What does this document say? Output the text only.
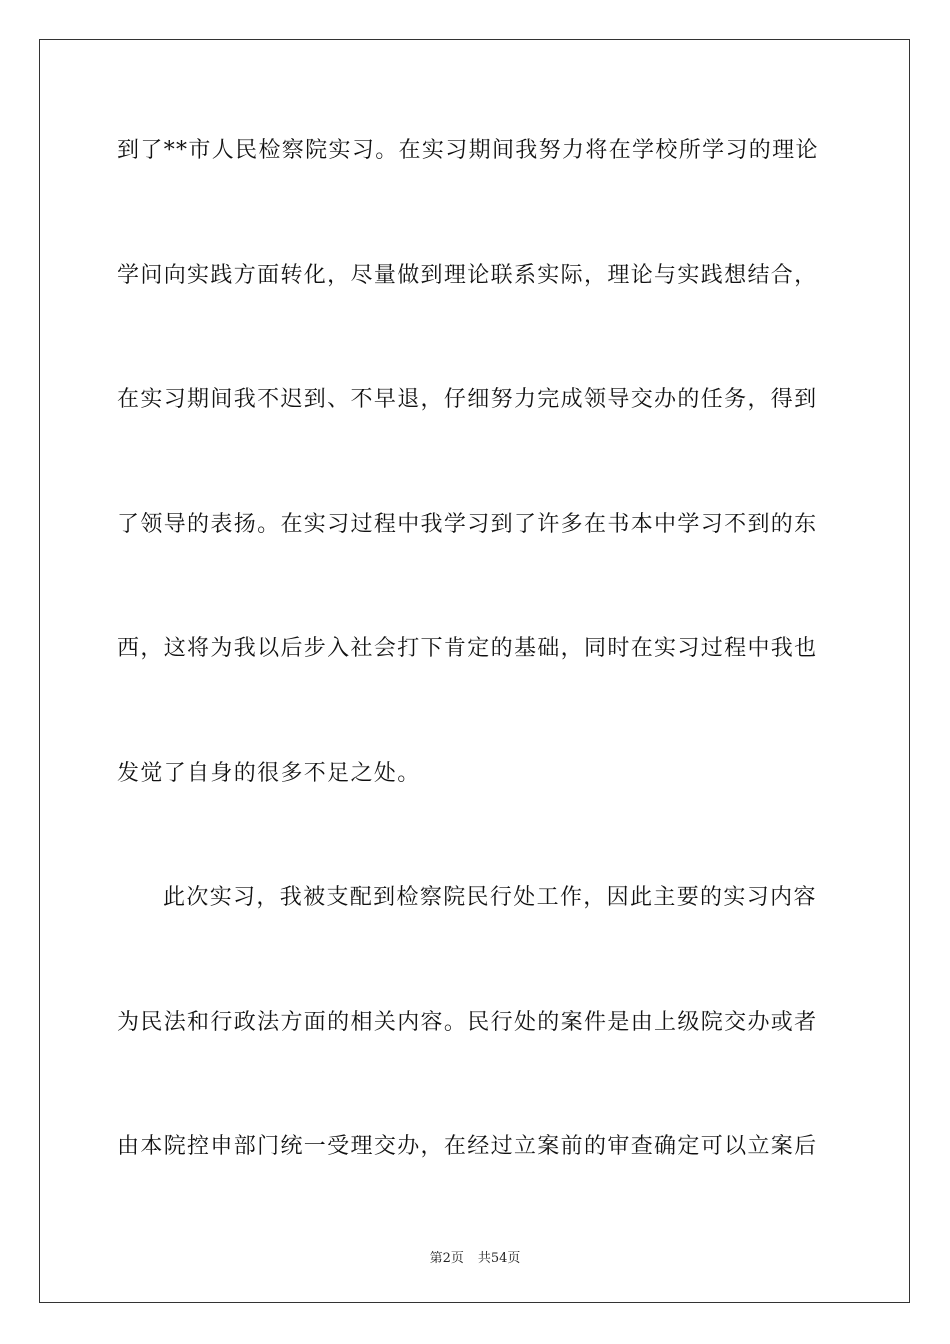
到了**市人民检察院实习。在实习期间我努力将在学校所学习的理论
学问向实践方面转化，尽量做到理论联系实际，理论与实践想结合，
在实习期间我不迟到、不早退，仔细努力完成领导交办的任务，得到
了领导的表扬。在实习过程中我学习到了许多在书本中学习不到的东
西，这将为我以后步入社会打下肯定的基础，同时在实习过程中我也
发觉了自身的很多不足之处。
此次实习，我被支配到检察院民行处工作，因此主要的实习内容
为民法和行政法方面的相关内容。民行处的案件是由上级院交办或者
由本院控申部门统一受理交办，在经过立案前的审查确定可以立案后
第2页 共54页
